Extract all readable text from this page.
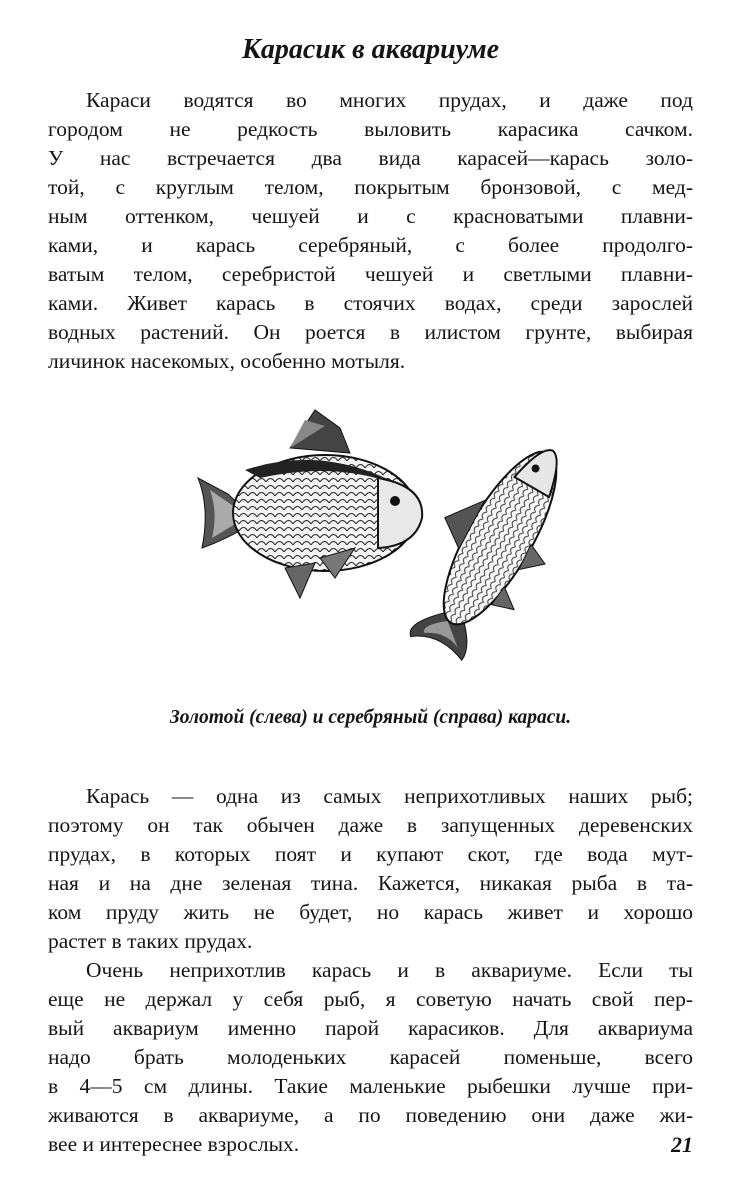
Карасик в аквариуме
Караси водятся во многих прудах, и даже под
городом не редкость выловить карасика сачком.
У нас встречается два вида карасей—карась золо-
той, с круглым телом, покрытым бронзовой, с мед-
ным оттенком, чешуей и с красноватыми плавни-
ками, и карась серебряный, с более продолго-
ватым телом, серебристой чешуей и светлыми плавни-
ками. Живет карась в стоячих водах, среди зарослей
водных растений. Он роется в илистом грунте, выбирая
личинок насекомых, особенно мотыля.

Золотой (слева) и серебряный (справа) караси.

Карась — одна из самых неприхотливых наших рыб;
поэтому он так обычен даже в запущенных деревенских
прудах, в которых поят и купают скот, где вода мут-
ная и на дне зеленая тина. Кажется, никакая рыба в та-
ком пруду жить не будет, но карась живет и хорошо
растет в таких прудах.
Очень неприхотлив карась и в аквариуме. Если ты
еще не держал у себя рыб, я советую начать свой пер-
вый аквариум именно парой карасиков. Для аквариума
надо брать молоденьких карасей поменьше, всего
в 4—5 см длины. Такие маленькие рыбешки лучше при-
живаются в аквариуме, а по поведению они даже жи-
вее и интереснее взрослых.	21
